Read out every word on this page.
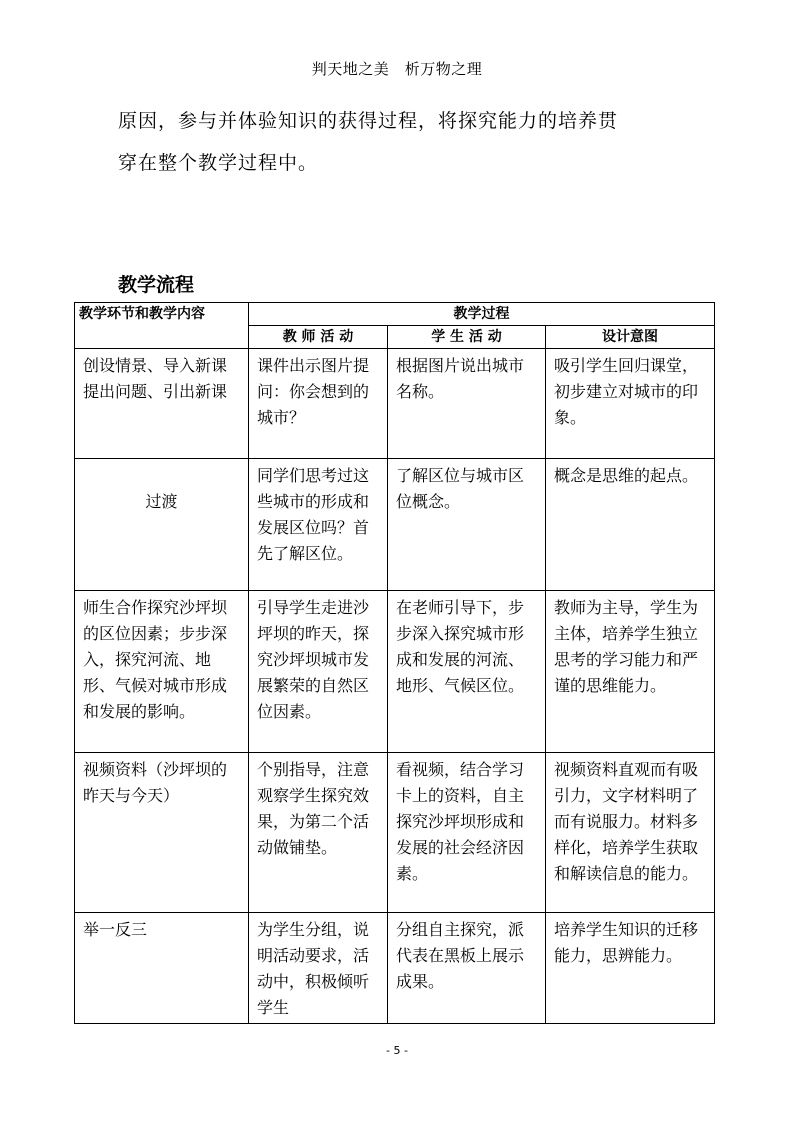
判天地之美　析万物之理
原因，参与并体验知识的获得过程，将探究能力的培养贯
穿在整个教学过程中。
教学流程
教学环节和教学内容	教学过程		
	教 师 活 动	学 生 活 动	设计意图
创设情景、导入新课
提出问题、引出新课	课件出示图片提问：你会想到的城市？	根据图片说出城市名称。	吸引学生回归课堂，初步建立对城市的印象。
过渡	同学们思考过这些城市的形成和发展区位吗？首先了解区位。	了解区位与城市区位概念。	概念是思维的起点。
师生合作探究沙坪坝的区位因素；步步深入，探究河流、地形、气候对城市形成和发展的影响。	引导学生走进沙坪坝的昨天，探究沙坪坝城市发展繁荣的自然区位因素。	在老师引导下，步步深入探究城市形成和发展的河流、地形、气候区位。	教师为主导，学生为主体，培养学生独立思考的学习能力和严谨的思维能力。
视频资料（沙坪坝的昨天与今天）	个别指导，注意观察学生探究效果，为第二个活动做铺垫。	看视频，结合学习卡上的资料，自主探究沙坪坝形成和发展的社会经济因素。	视频资料直观而有吸引力，文字材料明了而有说服力。材料多样化，培养学生获取和解读信息的能力。
举一反三	为学生分组，说明活动要求，活动中，积极倾听学生	分组自主探究，派代表在黑板上展示成果。	培养学生知识的迁移能力，思辨能力。
- 5 -
